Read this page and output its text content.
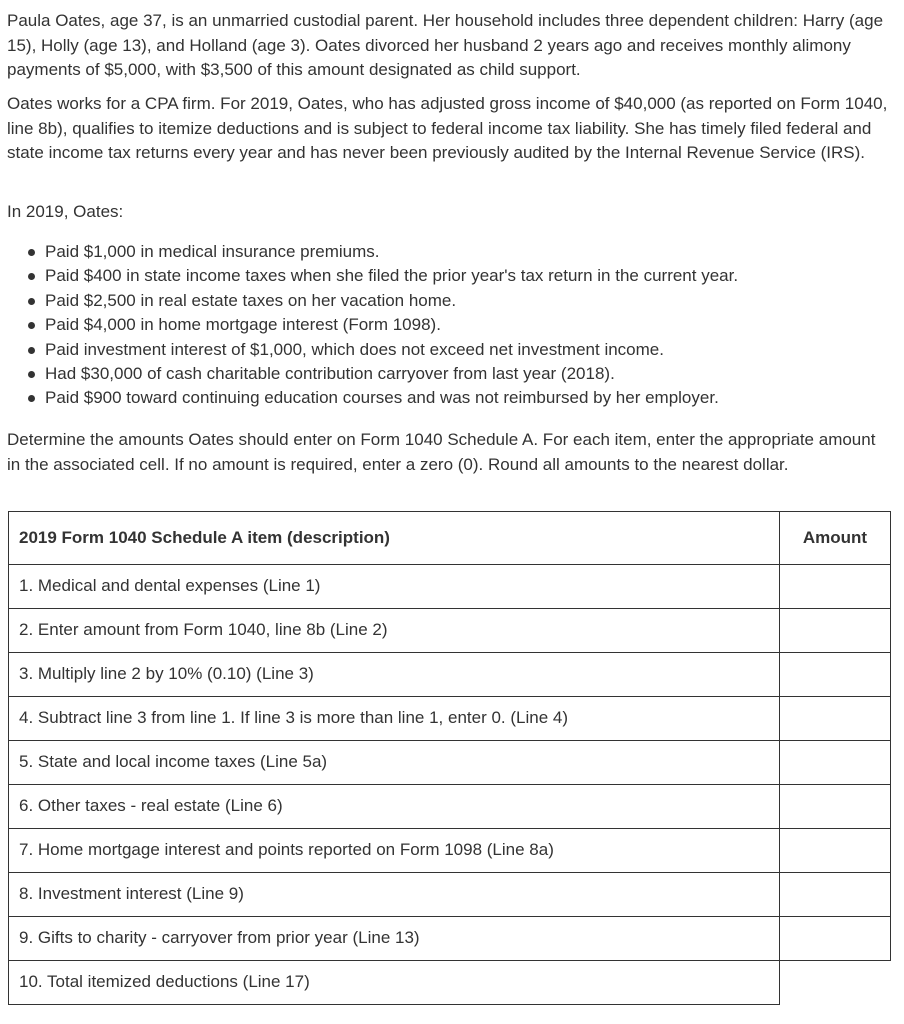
Paula Oates, age 37, is an unmarried custodial parent. Her household includes three dependent children: Harry (age 15), Holly (age 13), and Holland (age 3). Oates divorced her husband 2 years ago and receives monthly alimony payments of $5,000, with $3,500 of this amount designated as child support.

Oates works for a CPA firm. For 2019, Oates, who has adjusted gross income of $40,000 (as reported on Form 1040, line 8b), qualifies to itemize deductions and is subject to federal income tax liability. She has timely filed federal and state income tax returns every year and has never been previously audited by the Internal Revenue Service (IRS).

In 2019, Oates:

Paid $1,000 in medical insurance premiums.
Paid $400 in state income taxes when she filed the prior year's tax return in the current year.
Paid $2,500 in real estate taxes on her vacation home.
Paid $4,000 in home mortgage interest (Form 1098).
Paid investment interest of $1,000, which does not exceed net investment income.
Had $30,000 of cash charitable contribution carryover from last year (2018).
Paid $900 toward continuing education courses and was not reimbursed by her employer.

Determine the amounts Oates should enter on Form 1040 Schedule A. For each item, enter the appropriate amount in the associated cell. If no amount is required, enter a zero (0). Round all amounts to the nearest dollar.

2019 Form 1040 Schedule A item (description)	Amount
1. Medical and dental expenses (Line 1)	
2. Enter amount from Form 1040, line 8b (Line 2)	
3. Multiply line 2 by 10% (0.10) (Line 3)	
4. Subtract line 3 from line 1. If line 3 is more than line 1, enter 0. (Line 4)	
5. State and local income taxes (Line 5a)	
6. Other taxes - real estate (Line 6)	
7. Home mortgage interest and points reported on Form 1098 (Line 8a)	
8. Investment interest (Line 9)	
9. Gifts to charity - carryover from prior year (Line 13)	
10. Total itemized deductions (Line 17)	
